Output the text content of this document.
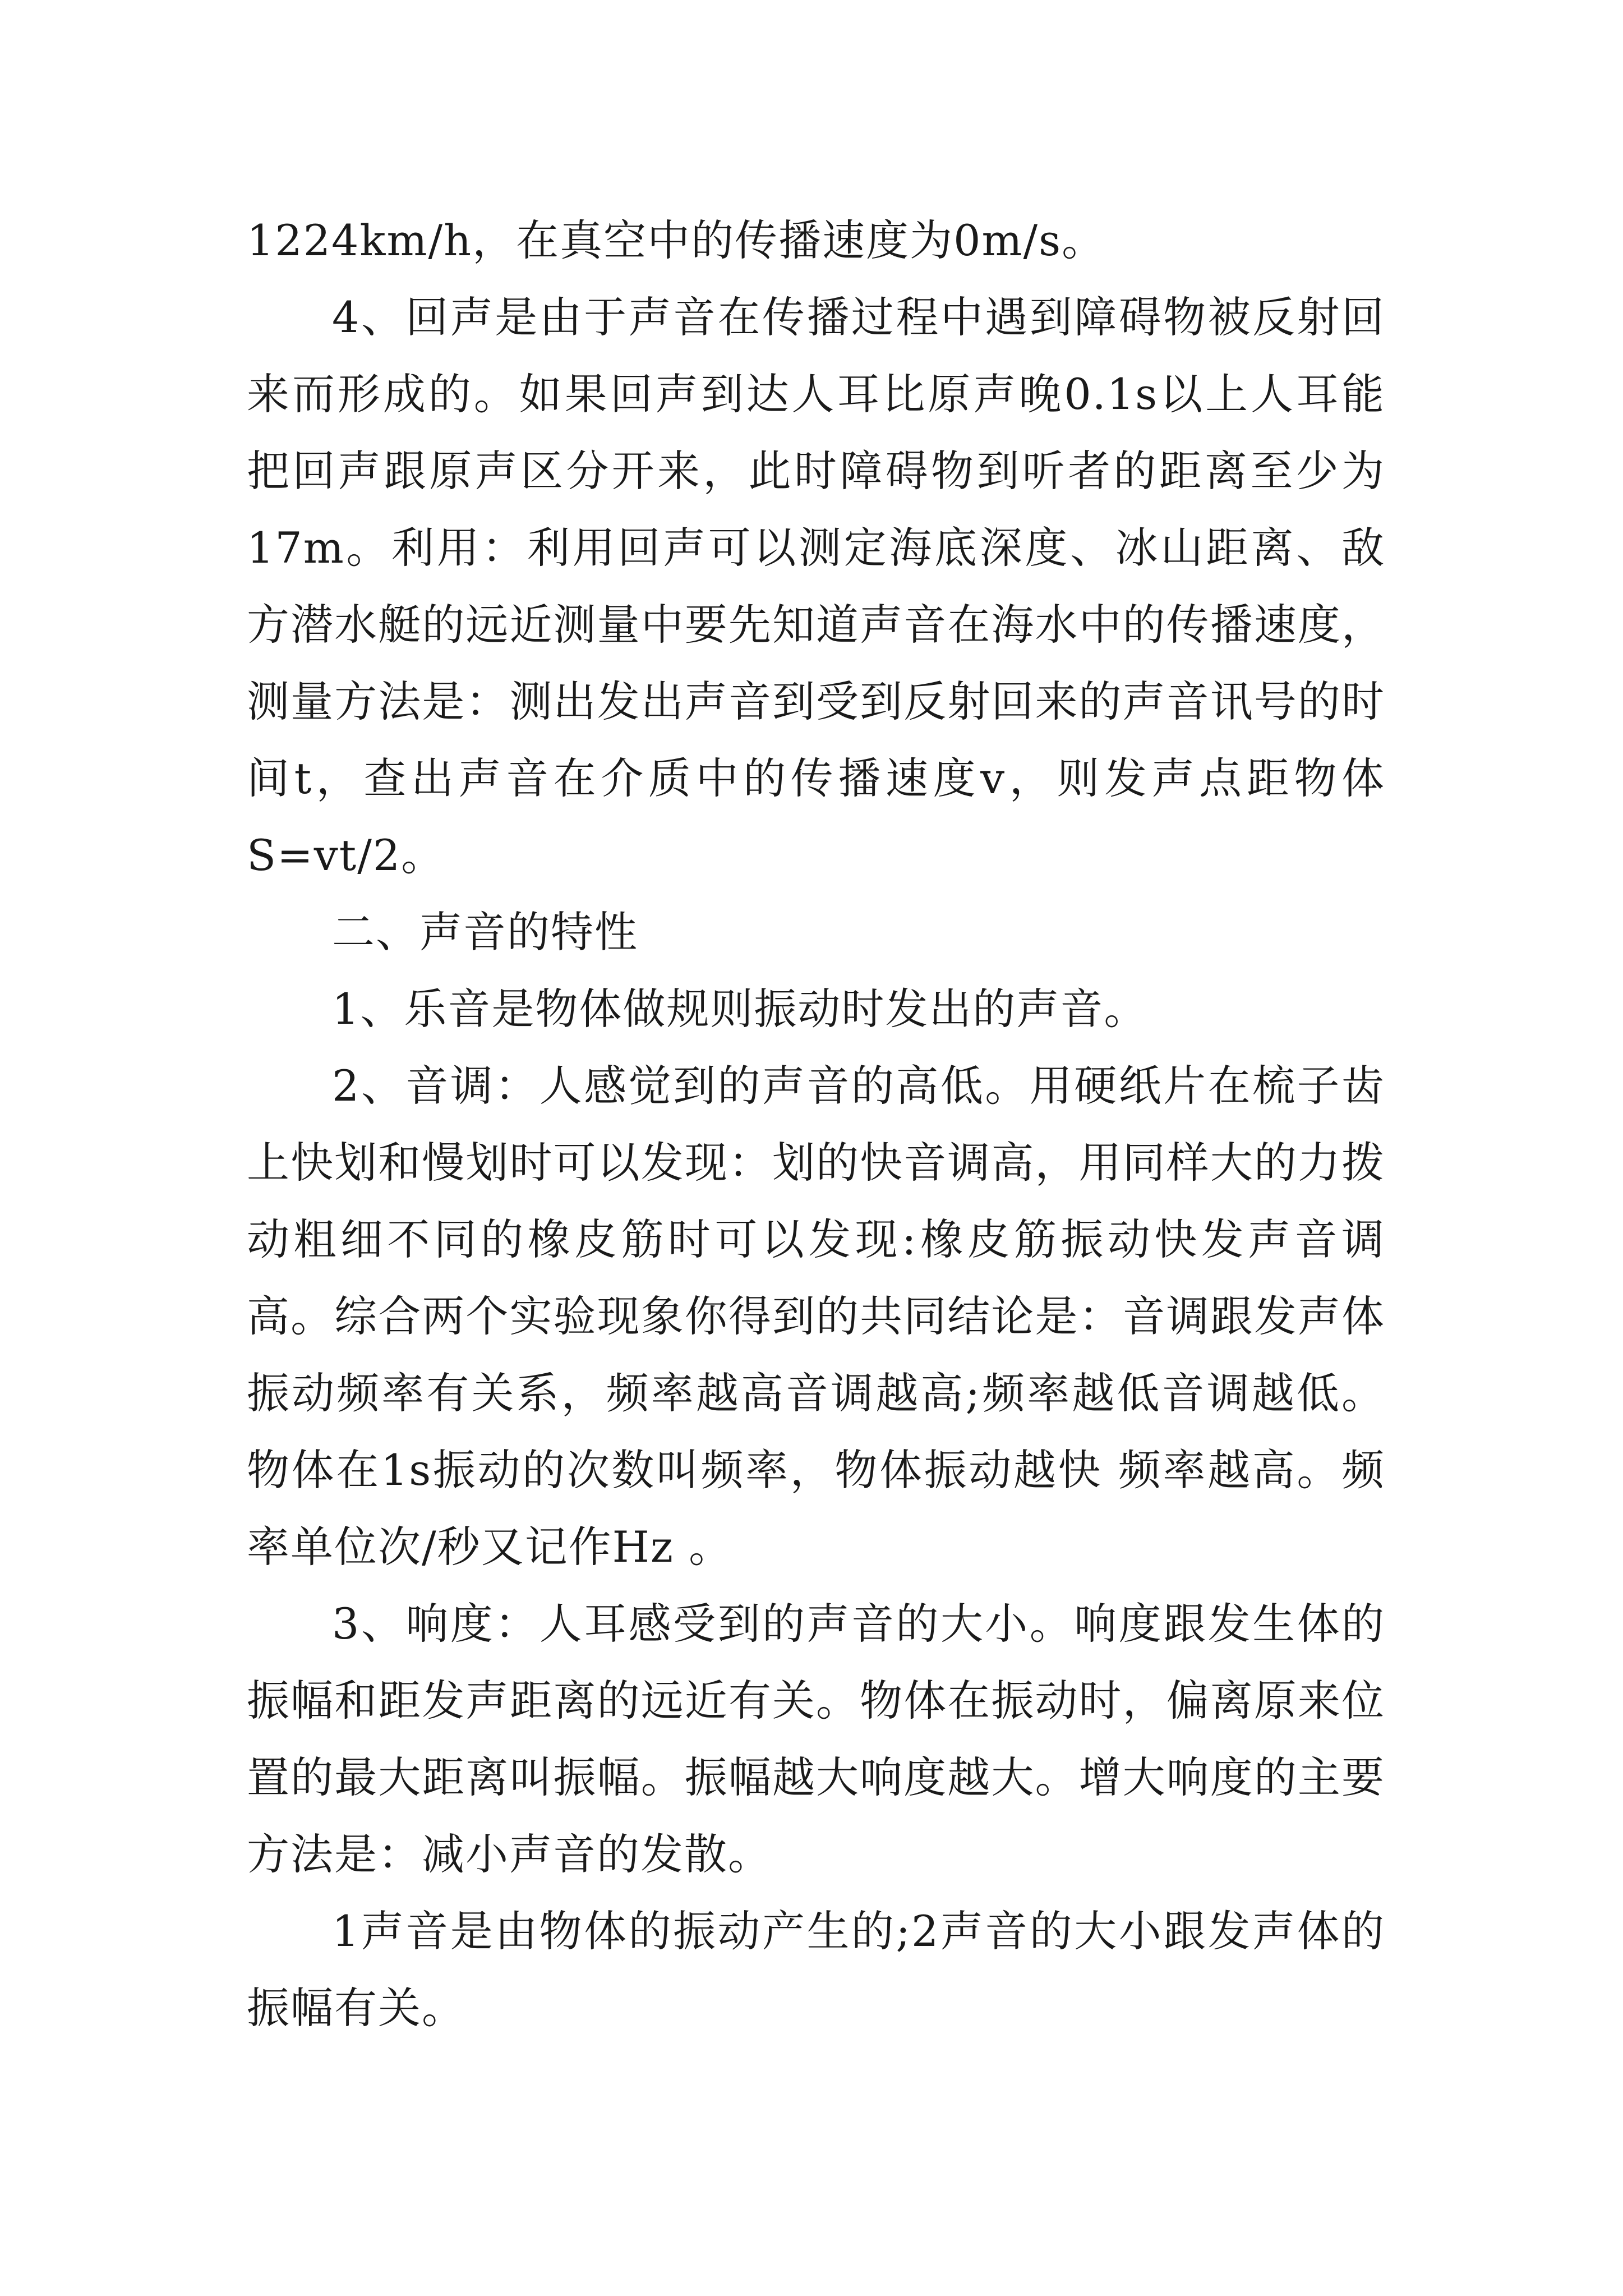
1224km/h，在真空中的传播速度为0m/s。

4、回声是由于声音在传播过程中遇到障碍物被反射回来而形成的。如果回声到达人耳比原声晚0.1s以上人耳能把回声跟原声区分开来，此时障碍物到听者的距离至少为17m。利用：利用回声可以测定海底深度、冰山距离、敌方潜水艇的远近测量中要先知道声音在海水中的传播速度，测量方法是：测出发出声音到受到反射回来的声音讯号的时间t，查出声音在介质中的传播速度v，则发声点距物体S=vt/2。

二、声音的特性

1、乐音是物体做规则振动时发出的声音。

2、音调：人感觉到的声音的高低。用硬纸片在梳子齿上快划和慢划时可以发现：划的快音调高，用同样大的力拨动粗细不同的橡皮筋时可以发现:橡皮筋振动快发声音调高。综合两个实验现象你得到的共同结论是：音调跟发声体振动频率有关系，频率越高音调越高;频率越低音调越低。物体在1s振动的次数叫频率，物体振动越快 频率越高。频率单位次/秒又记作Hz 。

3、响度：人耳感受到的声音的大小。响度跟发生体的振幅和距发声距离的远近有关。物体在振动时，偏离原来位置的最大距离叫振幅。振幅越大响度越大。增大响度的主要方法是：减小声音的发散。

1声音是由物体的振动产生的;2声音的大小跟发声体的振幅有关。
